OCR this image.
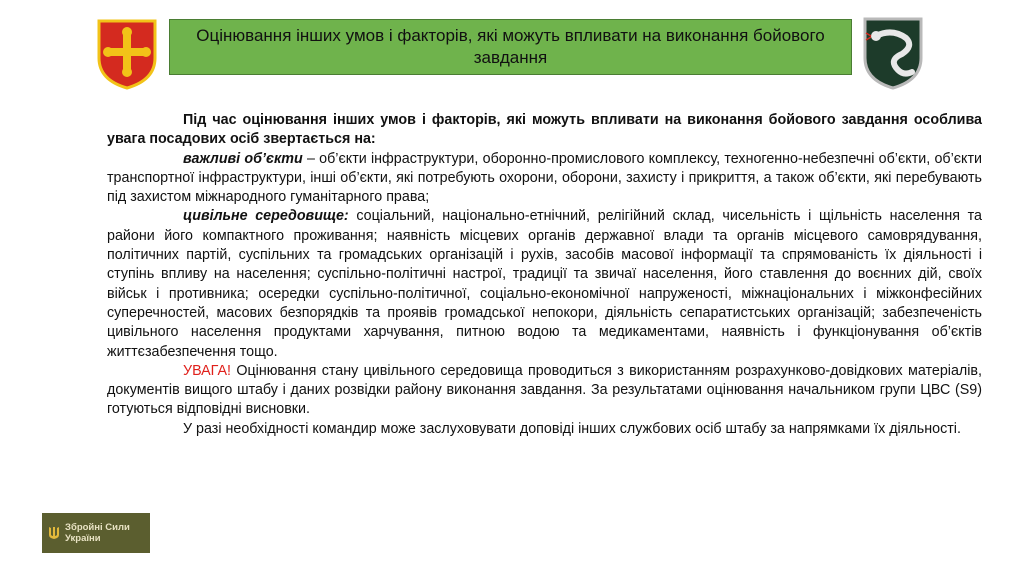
Оцінювання інших умов і факторів, які можуть впливати на виконання бойового завдання

Під час оцінювання інших умов і факторів, які можуть впливати на виконання бойового завдання особлива увага посадових осіб звертається на:

важливі об’єкти – об’єкти інфраструктури, оборонно-промислового комплексу, техногенно-небезпечні об’єкти, об’єкти транспортної інфраструктури, інші об’єкти, які потребують охорони, оборони, захисту і прикриття, а також об’єкти, які перебувають під захистом міжнародного гуманітарного права;

цивільне середовище: соціальний, національно-етнічний, релігійний склад, чисельність і щільність населення та райони його компактного проживання; наявність місцевих органів державної влади та органів місцевого самоврядування, політичних партій, суспільних та громадських організацій і рухів, засобів масової інформації та спрямованість їх діяльності і ступінь впливу на населення; суспільно-політичні настрої, традиції та звичаї населення, його ставлення до воєнних дій, своїх військ і противника; осередки суспільно-політичної, соціально-економічної напруженості, міжнаціональних і міжконфесійних суперечностей, масових безпорядків та проявів громадської непокори, діяльність сепаратистських організацій; забезпеченість цивільного населення продуктами харчування, питною водою та медикаментами, наявність і функціонування об’єктів життєзабезпечення тощо.

УВАГА! Оцінювання стану цивільного середовища проводиться з використанням розрахунково-довідкових матеріалів, документів вищого штабу і даних розвідки району виконання завдання. За результатами оцінювання начальником групи ЦВС (S9) готуються відповідні висновки.

У разі необхідності командир може заслуховувати доповіді інших службових осіб штабу за напрямками їх діяльності.

Збройні Сили
України
